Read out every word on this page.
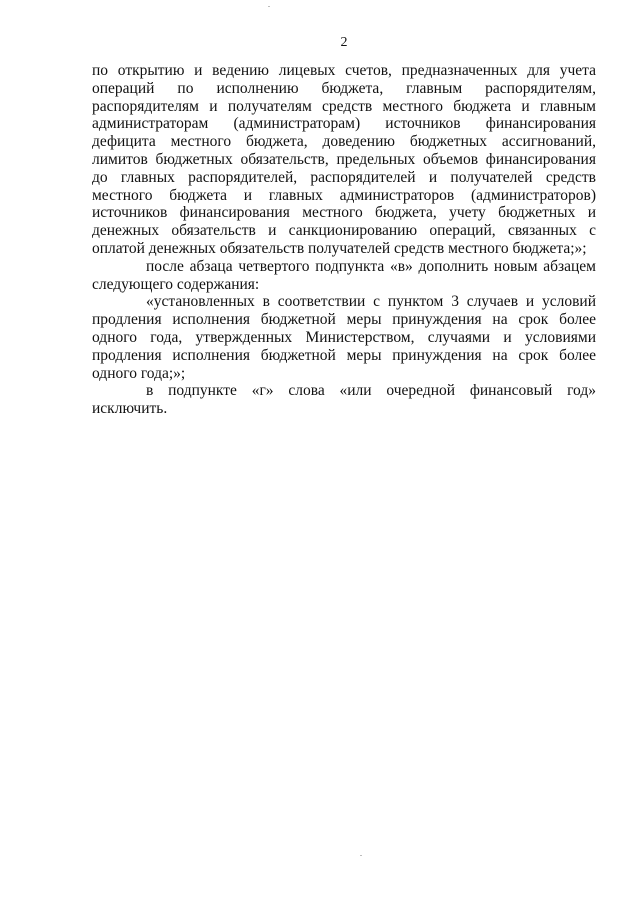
2

по открытию и ведению лицевых счетов, предназначенных для учета операций по исполнению бюджета, главным распорядителям, распорядителям и получателям средств местного бюджета и главным администраторам (администраторам) источников финансирования дефицита местного бюджета, доведению бюджетных ассигнований, лимитов бюджетных обязательств, предельных объемов финансирования до главных распорядителей, распорядителей и получателей средств местного бюджета и главных администраторов (администраторов) источников финансирования местного бюджета, учету бюджетных и денежных обязательств и санкционированию операций, связанных с оплатой денежных обязательств получателей средств местного бюджета;»;

после абзаца четвертого подпункта «в» дополнить новым абзацем следующего содержания:

«установленных в соответствии с пунктом 3 случаев и условий продления исполнения бюджетной меры принуждения на срок более одного года, утвержденных Министерством, случаями и условиями продления исполнения бюджетной меры принуждения на срок более одного года;»;

в подпункте «г» слова «или очередной финансовый год» исключить.
